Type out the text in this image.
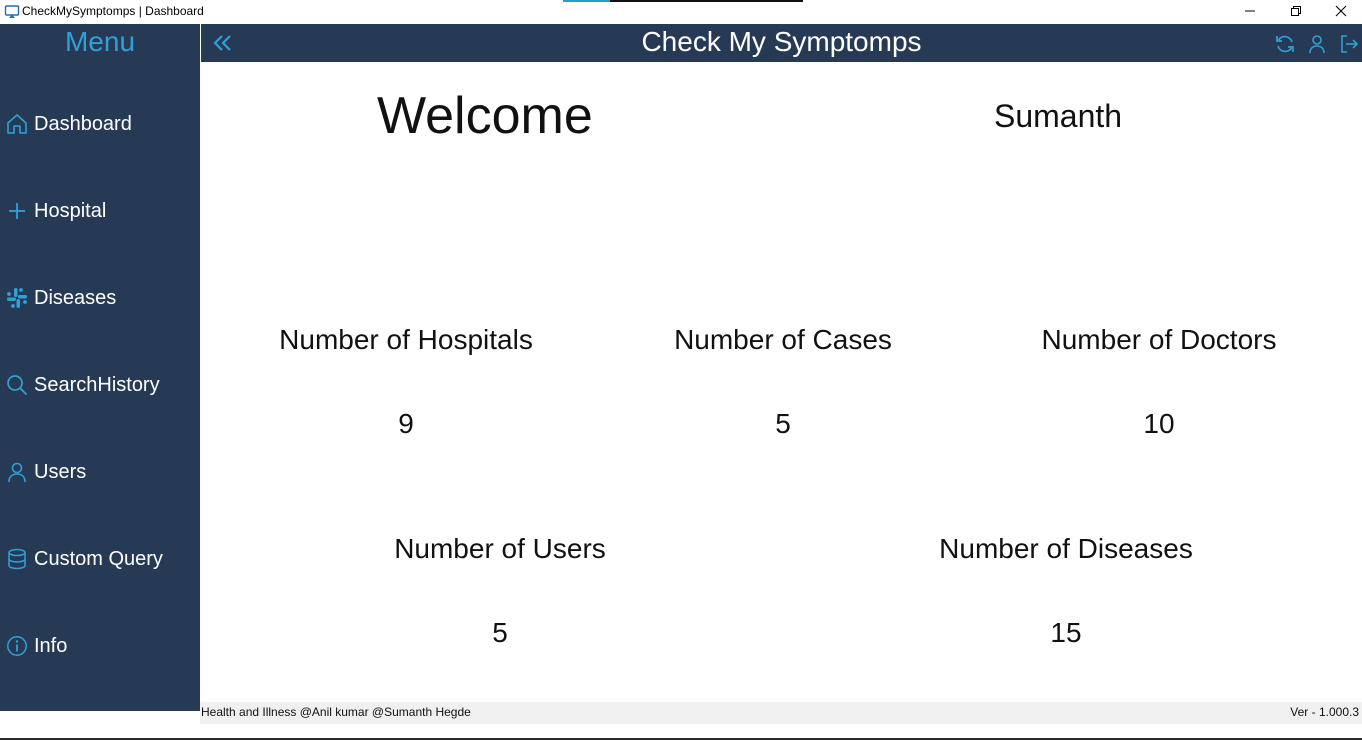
CheckMySymptomps | Dashboard
Menu
Dashboard
Hospital
Diseases
SearchHistory
Users
Custom Query
Info
Check My Symptomps
Welcome	Sumanth
Number of Hospitals
9
Number of Cases
5
Number of Doctors
10
Number of Users
5
Number of Diseases
15
Health and Illness @Anil kumar @Sumanth Hegde	Ver - 1.000.3
